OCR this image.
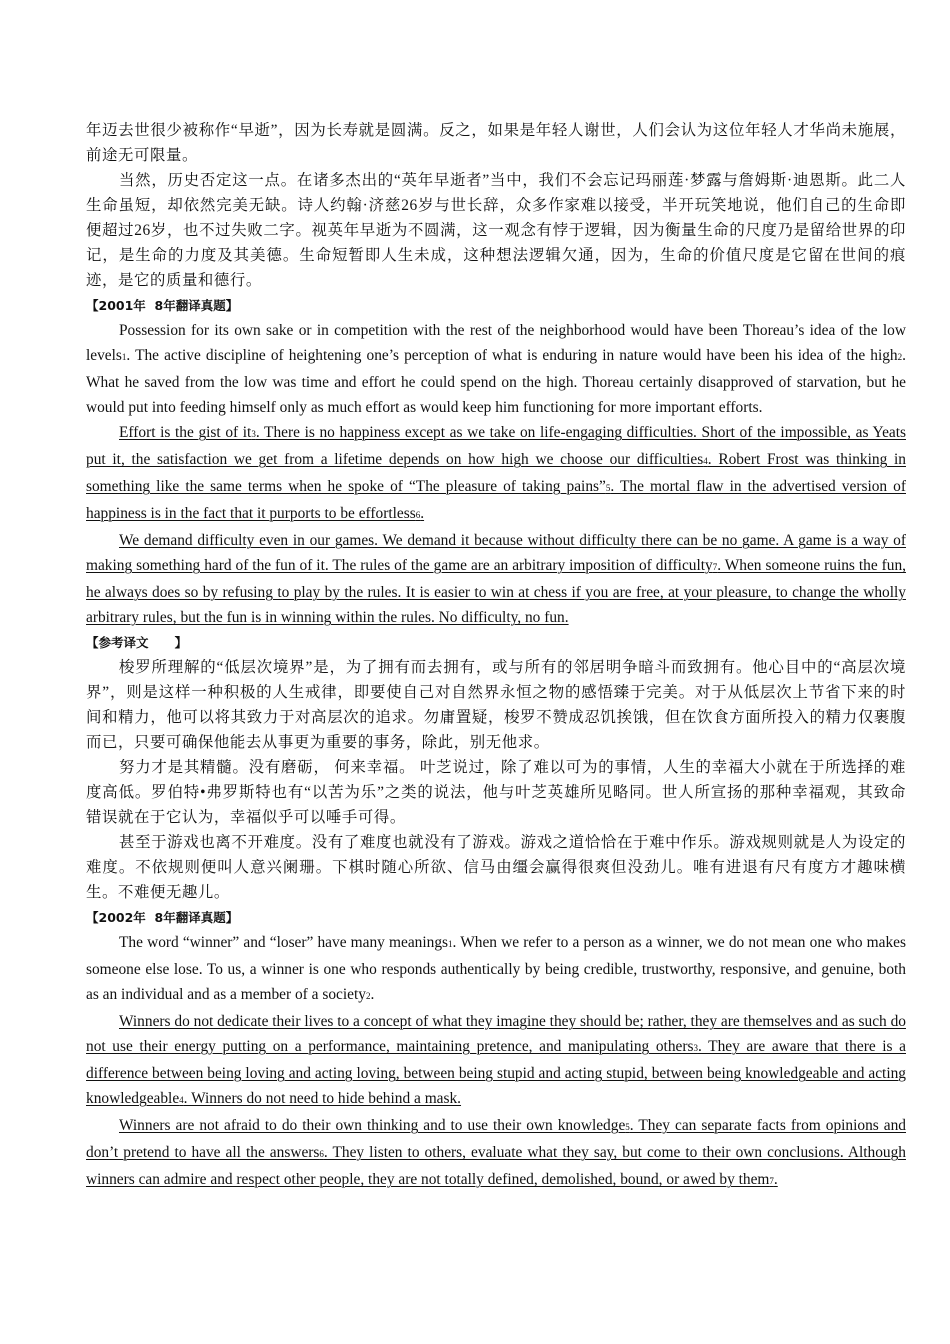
年迈去世很少被称作“早逝”，因为长寿就是圆满。反之，如果是年轻人谢世，人们会认为这位年轻人才华尚未施展，前途无可限量。

当然，历史否定这一点。在诸多杰出的“英年早逝者”当中，我们不会忘记玛丽莲·梦露与詹姆斯·迪恩斯。此二人生命虽短，却依然完美无缺。诗人约翰·济慈26岁与世长辞，众多作家难以接受，半开玩笑地说，他们自己的生命即便超过26岁，也不过失败二字。视英年早逝为不圆满，这一观念有悖于逻辑，因为衡量生命的尺度乃是留给世界的印记，是生命的力度及其美德。生命短暂即人生未成，这种想法逻辑欠通，因为，生命的价值尺度是它留在世间的痕迹，是它的质量和德行。

【2001年  8年翻译真题】

Possession for its own sake or in competition with the rest of the neighborhood would have been Thoreau’s idea of the low levels1. The active discipline of heightening one’s perception of what is enduring in nature would have been his idea of the high2. What he saved from the low was time and effort he could spend on the high. Thoreau certainly disapproved of starvation, but he would put into feeding himself only as much effort as would keep him functioning for more important efforts.

Effort is the gist of it3. There is no happiness except as we take on life-engaging difficulties. Short of the impossible, as Yeats put it, the satisfaction we get from a lifetime depends on how high we choose our difficulties4. Robert Frost was thinking in something like the same terms when he spoke of “The pleasure of taking pains”5. The mortal flaw in the advertised version of happiness is in the fact that it purports to be effortless6.

We demand difficulty even in our games. We demand it because without difficulty there can be no game. A game is a way of making something hard of the fun of it. The rules of the game are an arbitrary imposition of difficulty7. When someone ruins the fun, he always does so by refusing to play by the rules. It is easier to win at chess if you are free, at your pleasure, to change the wholly arbitrary rules, but the fun is in winning within the rules. No difficulty, no fun.

【参考译文      】

梭罗所理解的“低层次境界”是，为了拥有而去拥有，或与所有的邻居明争暗斗而致拥有。他心目中的“高层次境界”，则是这样一种积极的人生戒律，即要使自己对自然界永恒之物的感悟臻于完美。对于从低层次上节省下来的时间和精力，他可以将其致力于对高层次的追求。勿庸置疑，梭罗不赞成忍饥挨饿，但在饮食方面所投入的精力仅裹腹而已，只要可确保他能去从事更为重要的事务，除此，别无他求。

努力才是其精髓。没有磨砺， 何来幸福。 叶芝说过，除了难以可为的事情，人生的幸福大小就在于所选择的难度高低。罗伯特•弗罗斯特也有“以苦为乐”之类的说法，他与叶芝英雄所见略同。世人所宣扬的那种幸福观，其致命错误就在于它认为，幸福似乎可以唾手可得。

甚至于游戏也离不开难度。没有了难度也就没有了游戏。游戏之道恰恰在于难中作乐。游戏规则就是人为设定的难度。不依规则便叫人意兴阑珊。下棋时随心所欲、信马由缰会赢得很爽但没劲儿。唯有进退有尺有度方才趣味横生。不难便无趣儿。

【2002年  8年翻译真题】

The word “winner” and “loser” have many meanings1. When we refer to a person as a winner, we do not mean one who makes someone else lose. To us, a winner is one who responds authentically by being credible, trustworthy, responsive, and genuine, both as an individual and as a member of a society2.

Winners do not dedicate their lives to a concept of what they imagine they should be; rather, they are themselves and as such do not use their energy putting on a performance, maintaining pretence, and manipulating others3. They are aware that there is a difference between being loving and acting loving, between being stupid and acting stupid, between being knowledgeable and acting knowledgeable4. Winners do not need to hide behind a mask.

Winners are not afraid to do their own thinking and to use their own knowledge5. They can separate facts from opinions and don’t pretend to have all the answers6. They listen to others, evaluate what they say, but come to their own conclusions. Although winners can admire and respect other people, they are not totally defined, demolished, bound, or awed by them7.
